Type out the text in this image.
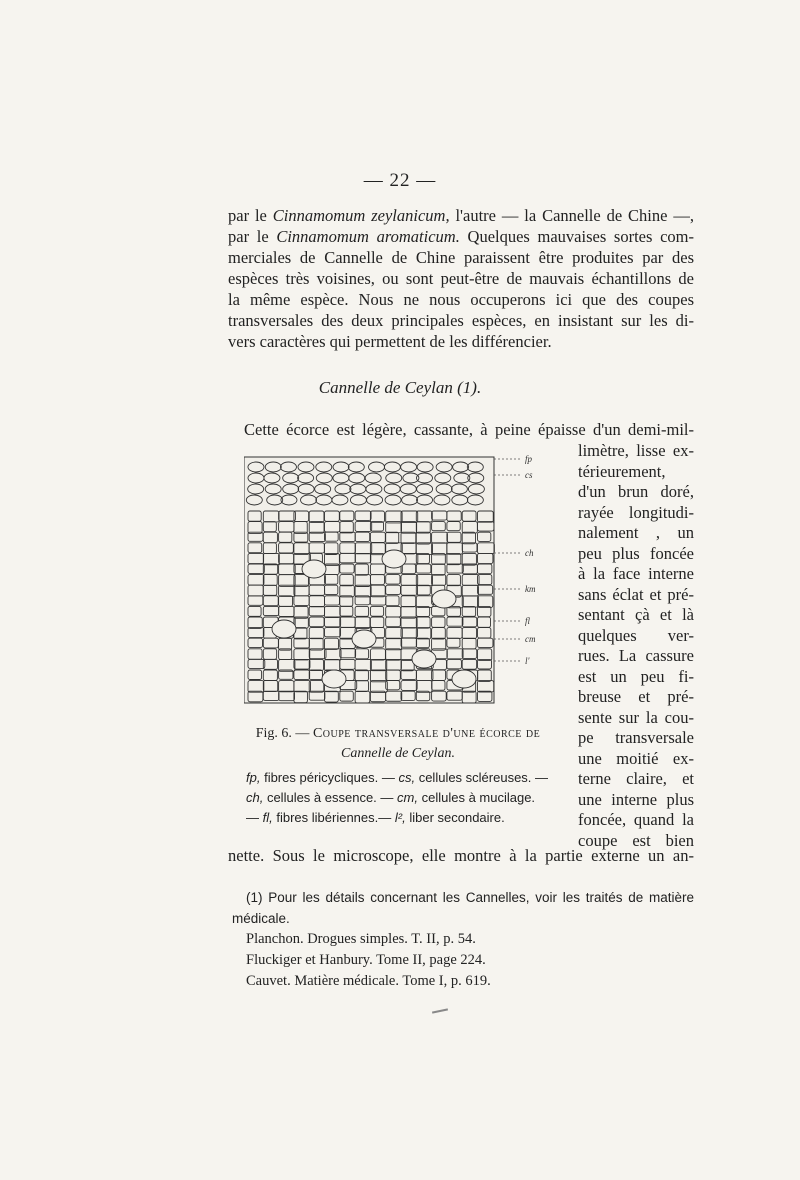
— 22 —
par le Cinnamomum zeylanicum, l'autre — la Cannelle de Chine —,
par le Cinnamomum aromaticum. Quelques mauvaises sortes com-
merciales de Cannelle de Chine paraissent être produites par des
espèces très voisines, ou sont peut-être de mauvais échantillons de
la même espèce. Nous ne nous occuperons ici que des coupes
transversales des deux principales espèces, en insistant sur les di-
vers caractères qui permettent de les différencier.
Cannelle de Ceylan (1).
Cette écorce est légère, cassante, à peine épaisse d'un demi-mil-
fp
cs
ch
km
fl
cm
l'
limètre, lisse ex-
térieurement,
d'un brun doré,
rayée longitudi-
nalement , un
peu plus foncée
à la face interne
sans éclat et pré-
sentant çà et là
quelques ver-
rues. La cassure
est un peu fi-
breuse et pré-
sente sur la cou-
pe transversale
une moitié ex-
terne claire, et
une interne plus
foncée, quand la
coupe est bien
Fig. 6. — Coupe transversale d'une écorce de
Cannelle de Ceylan.
fp, fibres péricycliques. — cs, cellules scléreuses. —
ch, cellules à essence. — cm, cellules à mucilage.
— fl, fibres libériennes.— l², liber secondaire.
nette. Sous le microscope, elle montre à la partie externe un an-
(1) Pour les détails concernant les Cannelles, voir les traités de matière médicale.
Planchon. Drogues simples. T. II, p. 54.
Fluckiger et Hanbury. Tome II, page 224.
Cauvet. Matière médicale. Tome I, p. 619.
